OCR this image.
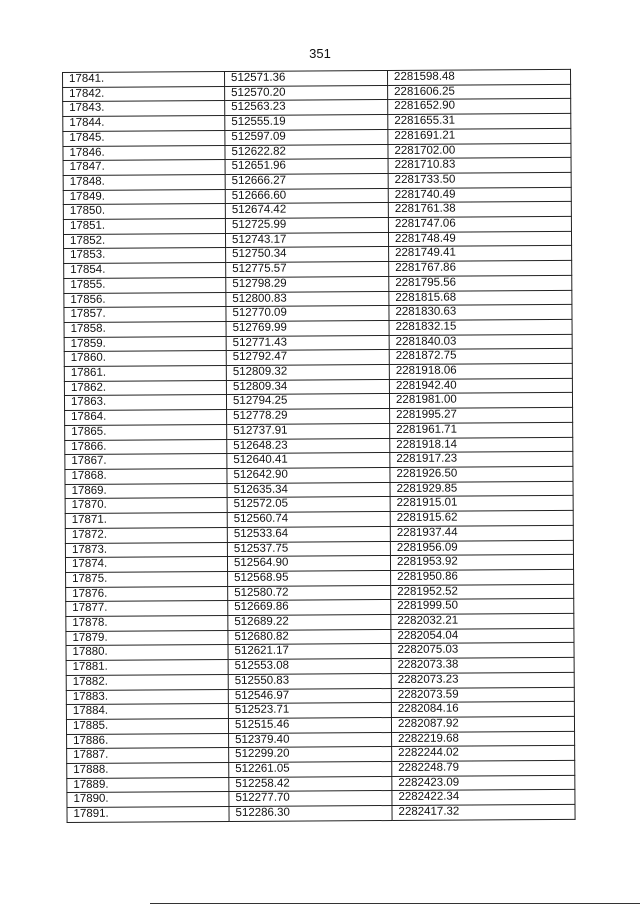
351
17841.	512571.36	2281598.48
17842.	512570.20	2281606.25
17843.	512563.23	2281652.90
17844.	512555.19	2281655.31
17845.	512597.09	2281691.21
17846.	512622.82	2281702.00
17847.	512651.96	2281710.83
17848.	512666.27	2281733.50
17849.	512666.60	2281740.49
17850.	512674.42	2281761.38
17851.	512725.99	2281747.06
17852.	512743.17	2281748.49
17853.	512750.34	2281749.41
17854.	512775.57	2281767.86
17855.	512798.29	2281795.56
17856.	512800.83	2281815.68
17857.	512770.09	2281830.63
17858.	512769.99	2281832.15
17859.	512771.43	2281840.03
17860.	512792.47	2281872.75
17861.	512809.32	2281918.06
17862.	512809.34	2281942.40
17863.	512794.25	2281981.00
17864.	512778.29	2281995.27
17865.	512737.91	2281961.71
17866.	512648.23	2281918.14
17867.	512640.41	2281917.23
17868.	512642.90	2281926.50
17869.	512635.34	2281929.85
17870.	512572.05	2281915.01
17871.	512560.74	2281915.62
17872.	512533.64	2281937.44
17873.	512537.75	2281956.09
17874.	512564.90	2281953.92
17875.	512568.95	2281950.86
17876.	512580.72	2281952.52
17877.	512669.86	2281999.50
17878.	512689.22	2282032.21
17879.	512680.82	2282054.04
17880.	512621.17	2282075.03
17881.	512553.08	2282073.38
17882.	512550.83	2282073.23
17883.	512546.97	2282073.59
17884.	512523.71	2282084.16
17885.	512515.46	2282087.92
17886.	512379.40	2282219.68
17887.	512299.20	2282244.02
17888.	512261.05	2282248.79
17889.	512258.42	2282423.09
17890.	512277.70	2282422.34
17891.	512286.30	2282417.32
